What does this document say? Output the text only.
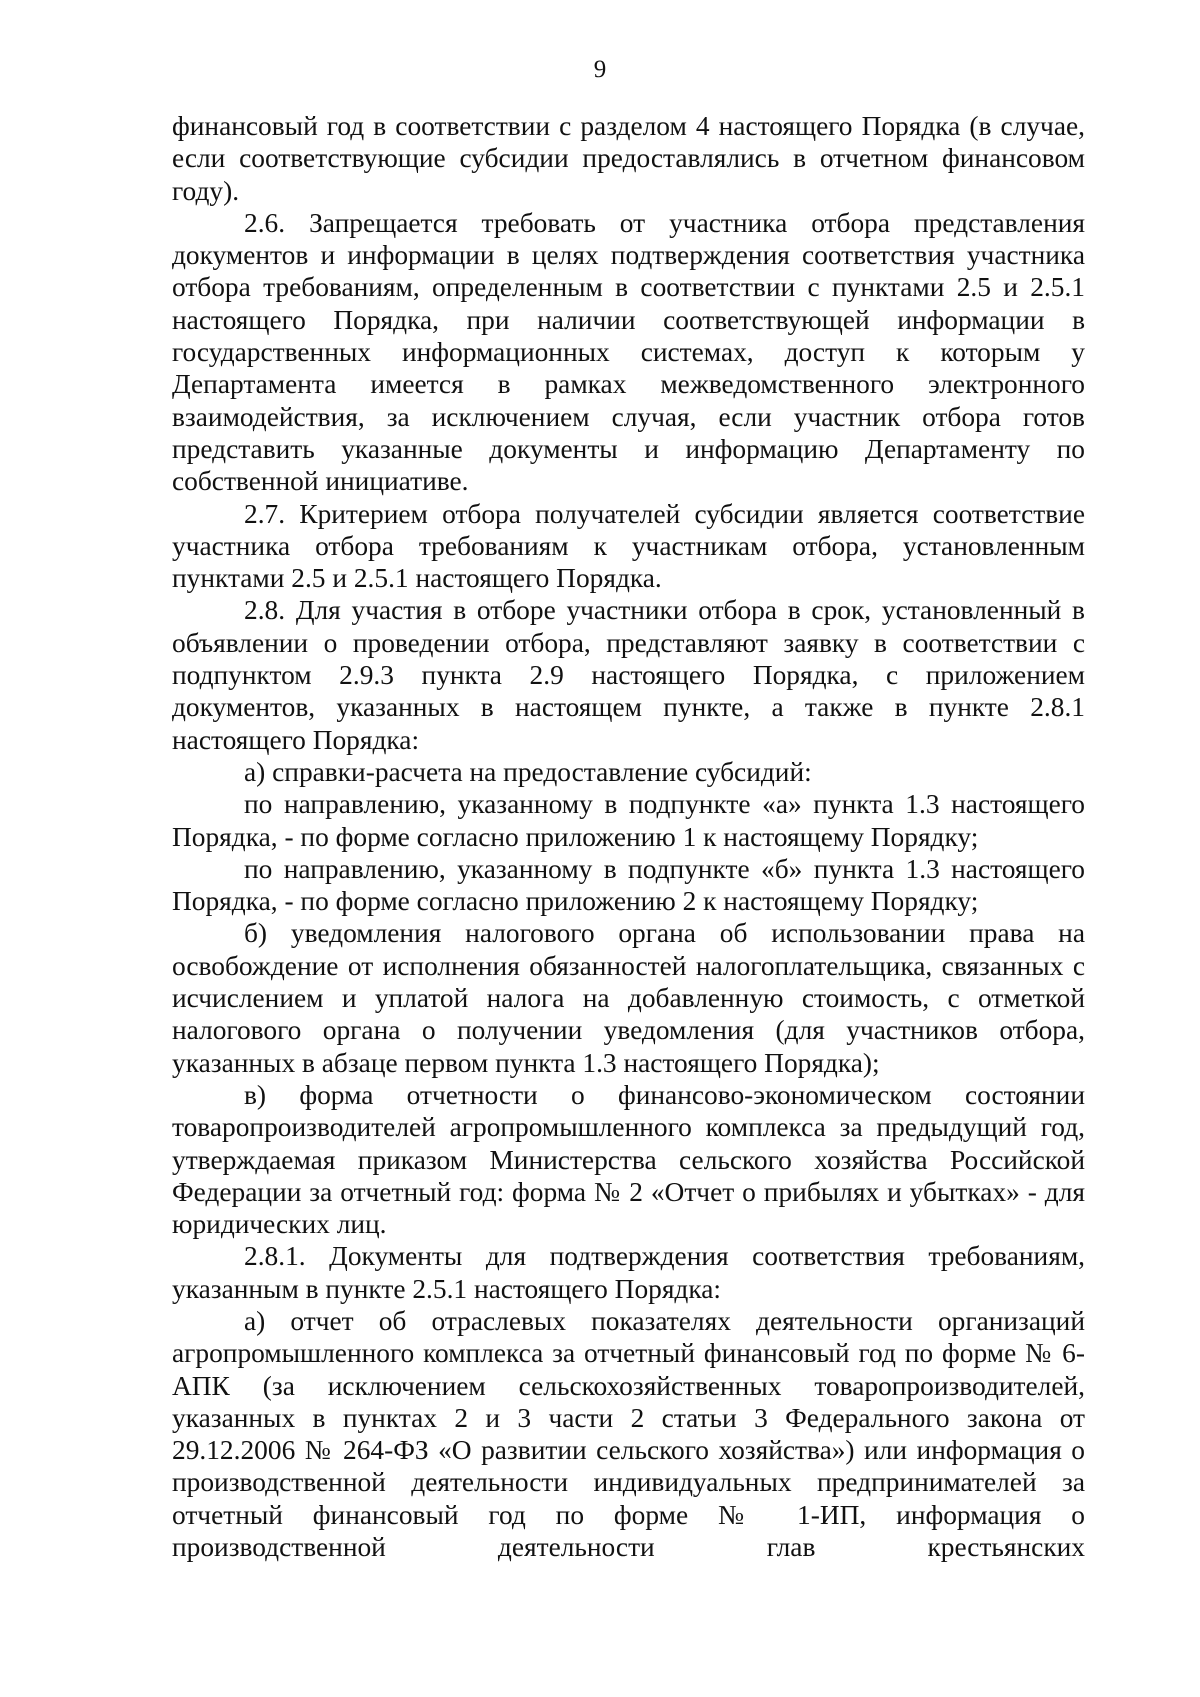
9

финансовый год в соответствии с разделом 4 настоящего Порядка (в случае, если соответствующие субсидии предоставлялись в отчетном финансовом году).

2.6. Запрещается требовать от участника отбора представления документов и информации в целях подтверждения соответствия участника отбора требованиям, определенным в соответствии с пунктами 2.5 и 2.5.1 настоящего Порядка, при наличии соответствующей информации в государственных информационных системах, доступ к которым у Департамента имеется в рамках межведомственного электронного взаимодействия, за исключением случая, если участник отбора готов представить указанные документы и информацию Департаменту по собственной инициативе.

2.7. Критерием отбора получателей субсидии является соответствие участника отбора требованиям к участникам отбора, установленным пунктами 2.5 и 2.5.1 настоящего Порядка.

2.8. Для участия в отборе участники отбора в срок, установленный в объявлении о проведении отбора, представляют заявку в соответствии с подпунктом 2.9.3 пункта 2.9 настоящего Порядка, с приложением документов, указанных в настоящем пункте, а также в пункте 2.8.1 настоящего Порядка:

а) справки-расчета на предоставление субсидий:

по направлению, указанному в подпункте «а» пункта 1.3 настоящего Порядка, - по форме согласно приложению 1 к настоящему Порядку;

по направлению, указанному в подпункте «б» пункта 1.3 настоящего Порядка, - по форме согласно приложению 2 к настоящему Порядку;

б) уведомления налогового органа об использовании права на освобождение от исполнения обязанностей налогоплательщика, связанных с исчислением и уплатой налога на добавленную стоимость, с отметкой налогового органа о получении уведомления (для участников отбора, указанных в абзаце первом пункта 1.3 настоящего Порядка);

в) форма отчетности о финансово-экономическом состоянии товаропроизводителей агропромышленного комплекса за предыдущий год, утверждаемая приказом Министерства сельского хозяйства Российской Федерации за отчетный год: форма № 2 «Отчет о прибылях и убытках» - для юридических лиц.

2.8.1. Документы для подтверждения соответствия требованиям, указанным в пункте 2.5.1 настоящего Порядка:

а) отчет об отраслевых показателях деятельности организаций агропромышленного комплекса за отчетный финансовый год по форме № 6-АПК (за исключением сельскохозяйственных товаропроизводителей, указанных в пунктах 2 и 3 части 2 статьи 3 Федерального закона от 29.12.2006 № 264-ФЗ «О развитии сельского хозяйства») или информация о производственной деятельности индивидуальных предпринимателей за отчетный финансовый год по форме № 1-ИП, информация о производственной деятельности глав крестьянских
